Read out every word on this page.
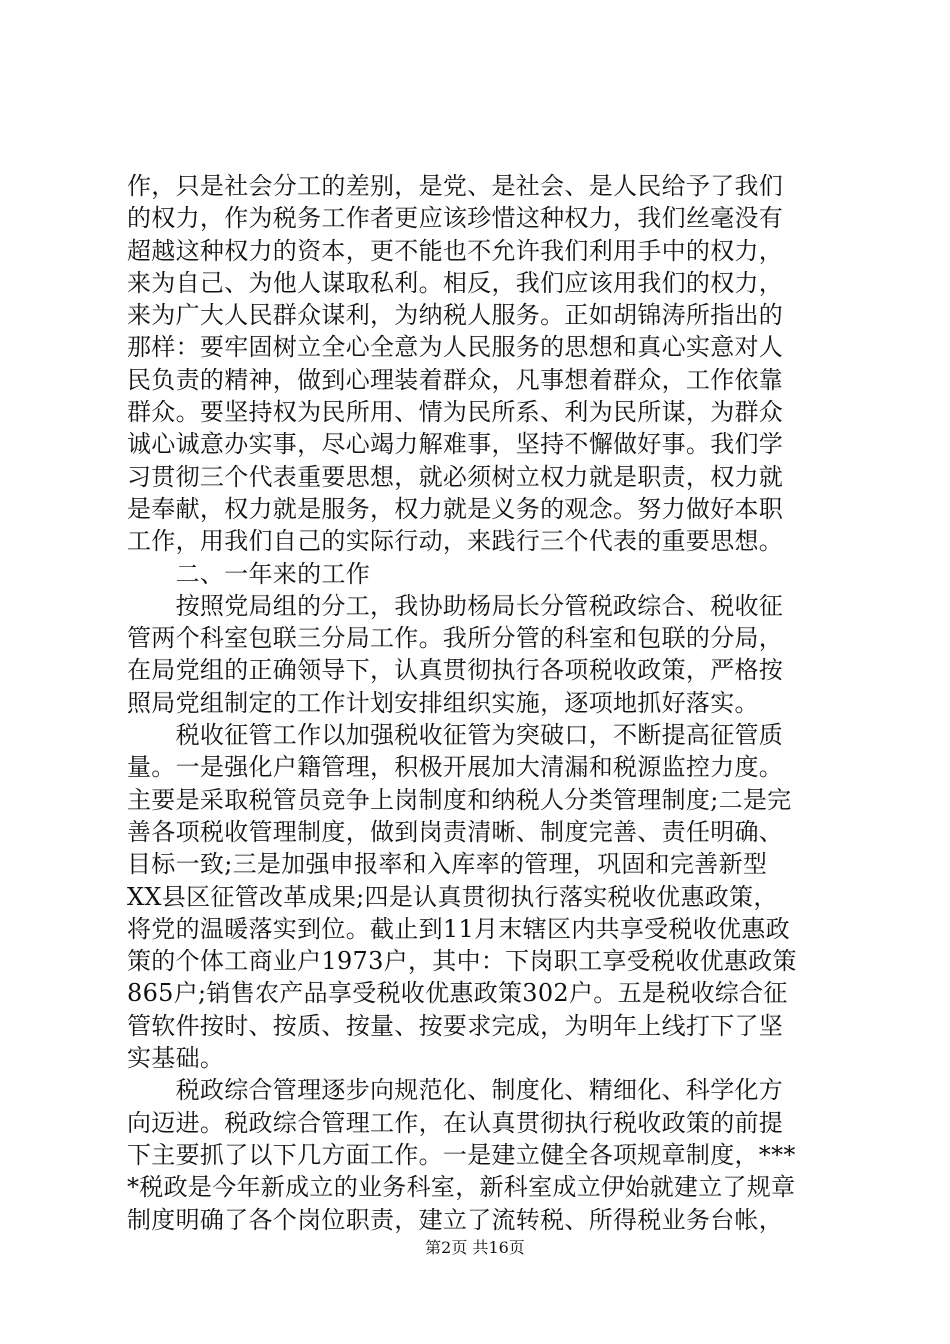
作，只是社会分工的差别，是党、是社会、是人民给予了我们
的权力，作为税务工作者更应该珍惜这种权力，我们丝毫没有
超越这种权力的资本，更不能也不允许我们利用手中的权力，
来为自己、为他人谋取私利。相反，我们应该用我们的权力，
来为广大人民群众谋利，为纳税人服务。正如胡锦涛所指出的
那样：要牢固树立全心全意为人民服务的思想和真心实意对人
民负责的精神，做到心理装着群众，凡事想着群众，工作依靠
群众。要坚持权为民所用、情为民所系、利为民所谋，为群众
诚心诚意办实事，尽心竭力解难事，坚持不懈做好事。我们学
习贯彻三个代表重要思想，就必须树立权力就是职责，权力就
是奉献，权力就是服务，权力就是义务的观念。努力做好本职
工作，用我们自己的实际行动，来践行三个代表的重要思想。
　　二、一年来的工作
　　按照党局组的分工，我协助杨局长分管税政综合、税收征
管两个科室包联三分局工作。我所分管的科室和包联的分局，
在局党组的正确领导下，认真贯彻执行各项税收政策，严格按
照局党组制定的工作计划安排组织实施，逐项地抓好落实。
　　税收征管工作以加强税收征管为突破口，不断提高征管质
量。一是强化户籍管理，积极开展加大清漏和税源监控力度。
主要是采取税管员竞争上岗制度和纳税人分类管理制度;二是完
善各项税收管理制度，做到岗责清晰、制度完善、责任明确、
目标一致;三是加强申报率和入库率的管理，巩固和完善新型
XX县区征管改革成果;四是认真贯彻执行落实税收优惠政策，
将党的温暖落实到位。截止到11月末辖区内共享受税收优惠政
策的个体工商业户1973户，其中：下岗职工享受税收优惠政策
865户;销售农产品享受税收优惠政策302户。五是税收综合征
管软件按时、按质、按量、按要求完成，为明年上线打下了坚
实基础。
　　税政综合管理逐步向规范化、制度化、精细化、科学化方
向迈进。税政综合管理工作，在认真贯彻执行税收政策的前提
下主要抓了以下几方面工作。一是建立健全各项规章制度，***
*税政是今年新成立的业务科室，新科室成立伊始就建立了规章
制度明确了各个岗位职责，建立了流转税、所得税业务台帐，
第2页 共16页
